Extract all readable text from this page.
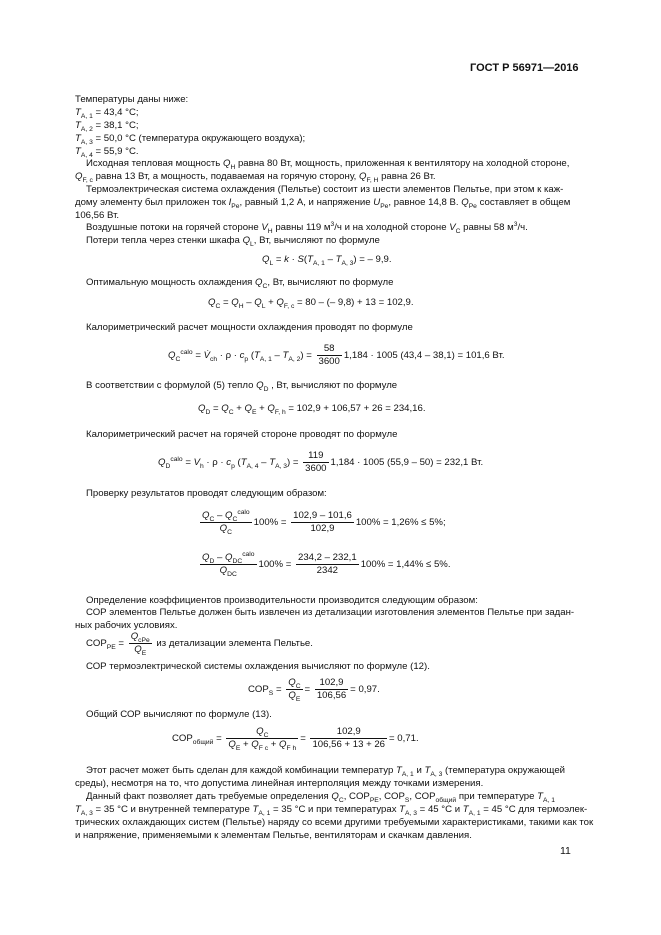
ГОСТ Р 56971—2016
Температуры даны ниже:
$T_{А, 1} = 43,4$ °С;
$T_{А, 2} = 38,1$ °С;
$T_{А, 3} = 50,0$ °С (температура окружающего воздуха);
$T_{А, 4} = 55,9$ °С.
Исходная тепловая мощность $Q_H$ равна 80 Вт, мощность, приложенная к вентилятору на холодной стороне,
$Q_{F, c}$ равна 13 Вт, а мощность, подаваемая на горячую сторону, $Q_{F, H}$ равна 26 Вт.
Термоэлектрическая система охлаждения (Пельтье) состоит из шести элементов Пельтье, при этом к каж-
дому элементу был приложен ток $I_{Pe}$, равный 1,2 А, и напряжение $U_{Pe}$, равное 14,8 В. $Q_{Pe}$ составляет в общем
106,56 Вт.
Воздушные потоки на горячей стороне $V_H$ равны 119 $м^3/ч$ и на холодной стороне $V_C$ равны 58 $м^3/ч$.
Потери тепла через стенки шкафа $Q_L$, Вт, вычисляют по формуле
$Q_L = k \cdot S(T_{А, 1} - T_{А, 3})$ = – 9,9.
Оптимальную мощность охлаждения $Q_C$, Вт, вычисляют по формуле
$Q_C = Q_H - Q_L + Q_{F, c} = 80$ – (– 9,8) + 13 = 102,9.
Калориметрический расчет мощности охлаждения проводят по формуле
$Q_C^{calo}$ = $V̇_{ch} \cdot \rho \cdot c_p$ $(T_{А, 1} - T_{А, 2}) = \frac{58}{3600} 1,184 \cdot 1005$ (43,4 – 38,1) = 101,6 Вт.
В соответствии с формулой (5) тепло $Q_D$ , Вт, вычисляют по формуле
$Q_D = Q_C + Q_E + Q_{F, h} = 102,9 + 106,57 + 26 = 234,16$.
Калориметрический расчет на горячей стороне проводят по формуле
$Q_D^{calo} = V_h \cdot \rho \cdot c_p$ $(T_{А, 4} - T_{А, 3}) = \frac{119}{3600} 1,184 \cdot 1005$ (55,9 – 50) = 232,1 Вт.
Проверку результатов проводят следующим образом:
$\frac{Q_C - Q_C^{calo}}{Q_C} 100\% = \frac{102,9 - 101,6}{102,9} 100\% = 1,26\% \le 5\%$;
$\frac{Q_D - Q_{DC}^{calo}}{Q_{DC}} 100\% = \frac{234,2 - 232,1}{2342} 100\% = 1,44\% \le 5\%$.
Определение коэффициентов производительности производится следующим образом:
СОР элементов Пельтье должен быть извлечен из детализации изготовления элементов Пельтье при задан-
ных рабочих условиях.
$COP_{PE} = \frac{Q_{cPe}}{Q_E}$ из детализации элемента Пельтье.
СОР термоэлектрической системы охлаждения вычисляют по формуле (12).
$COP_S = \frac{Q_C}{Q_E} = \frac{102,9}{106,56} = 0,97$.
Общий СОР вычисляют по формуле (13).
$COP_{общий} = \frac{Q_C}{Q_E + Q_{F c} + Q_{F h}} = \frac{102,9}{106,56 + 13 + 26} = 0,71$.
Этот расчет может быть сделан для каждой комбинации температур $T_{А, 1}$ и $T_{А, 3}$ (температура окружающей
среды), несмотря на то, что допустима линейная интерполяция между точками измерения.
Данный факт позволяет дать требуемые определения $Q_C$, $COP_{PE}$, $COP_S$, $COP_{общий}$ при температуре $T_{А, 1}$
$T_{А, 3} = 35$ °С и внутренней температуре $T_{А, 1} = 35$ °С и при температурах $T_{А, 3} = 45$ °С и $T_{А, 1} = 45$ °С для термоэлек-
трических охлаждающих систем (Пельтье) наряду со всеми другими требуемыми характеристиками, такими как ток
и напряжение, применяемыми к элементам Пельтье, вентиляторам и скачкам давления.
11
